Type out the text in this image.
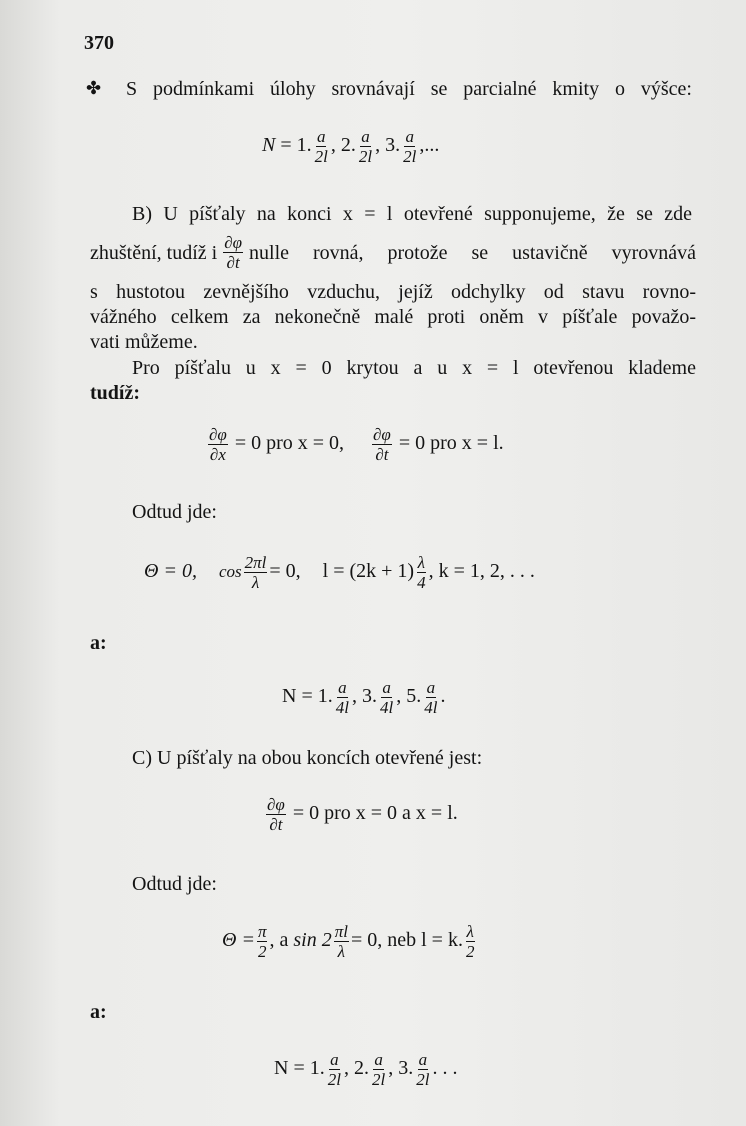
370
✤ S podmínkami úlohy srovnávají se parcialné kmity o výšce:
N = 1. $\frac{a}{2l}$ , 2. $\frac{a}{2l}$ , 3. $\frac{a}{2l}$ ,...
B) U píšťaly na konci x = l otevřené supponujeme, že se zde
zhuštění, tudíž i $\frac{\partial\varphi}{\partial t}$ nulle rovná, protože se ustavičně vyrovnává
s hustotou zevnějšího vzduchu, jejíž odchylky od stavu rovno-
vážného celkem za nekonečně malé proti oněm v píšťale považo-
vati můžeme.
Pro píšťalu u x = 0 krytou a u x = l otevřenou klademe
tudíž:
$\frac{\partial\varphi}{\partial x} = 0$ pro x = 0, $\frac{\partial\varphi}{\partial t} = 0$ pro x = l.
Odtud jde:
Θ = 0, $\cos \frac{2\pi l}{\lambda} = 0$, $l = (2k + 1) \frac{\lambda}{4}$ , k = 1, 2, . . .
a:
N = 1. $\frac{a}{4l}$ , 3. $\frac{a}{4l}$ , 5. $\frac{a}{4l}$ .
C) U píšťaly na obou koncích otevřené jest:
$\frac{\partial\varphi}{\partial t} = 0$ pro x = 0 a x = l.
Odtud jde:
$\Theta = \frac{\pi}{2}$ , a $\sin 2 \frac{\pi l}{\lambda} = 0$, neb l = k. $\frac{\lambda}{2}$
a:
N = 1. $\frac{a}{2l}$ , 2. $\frac{a}{2l}$ , 3. $\frac{a}{2l}$ . . .
